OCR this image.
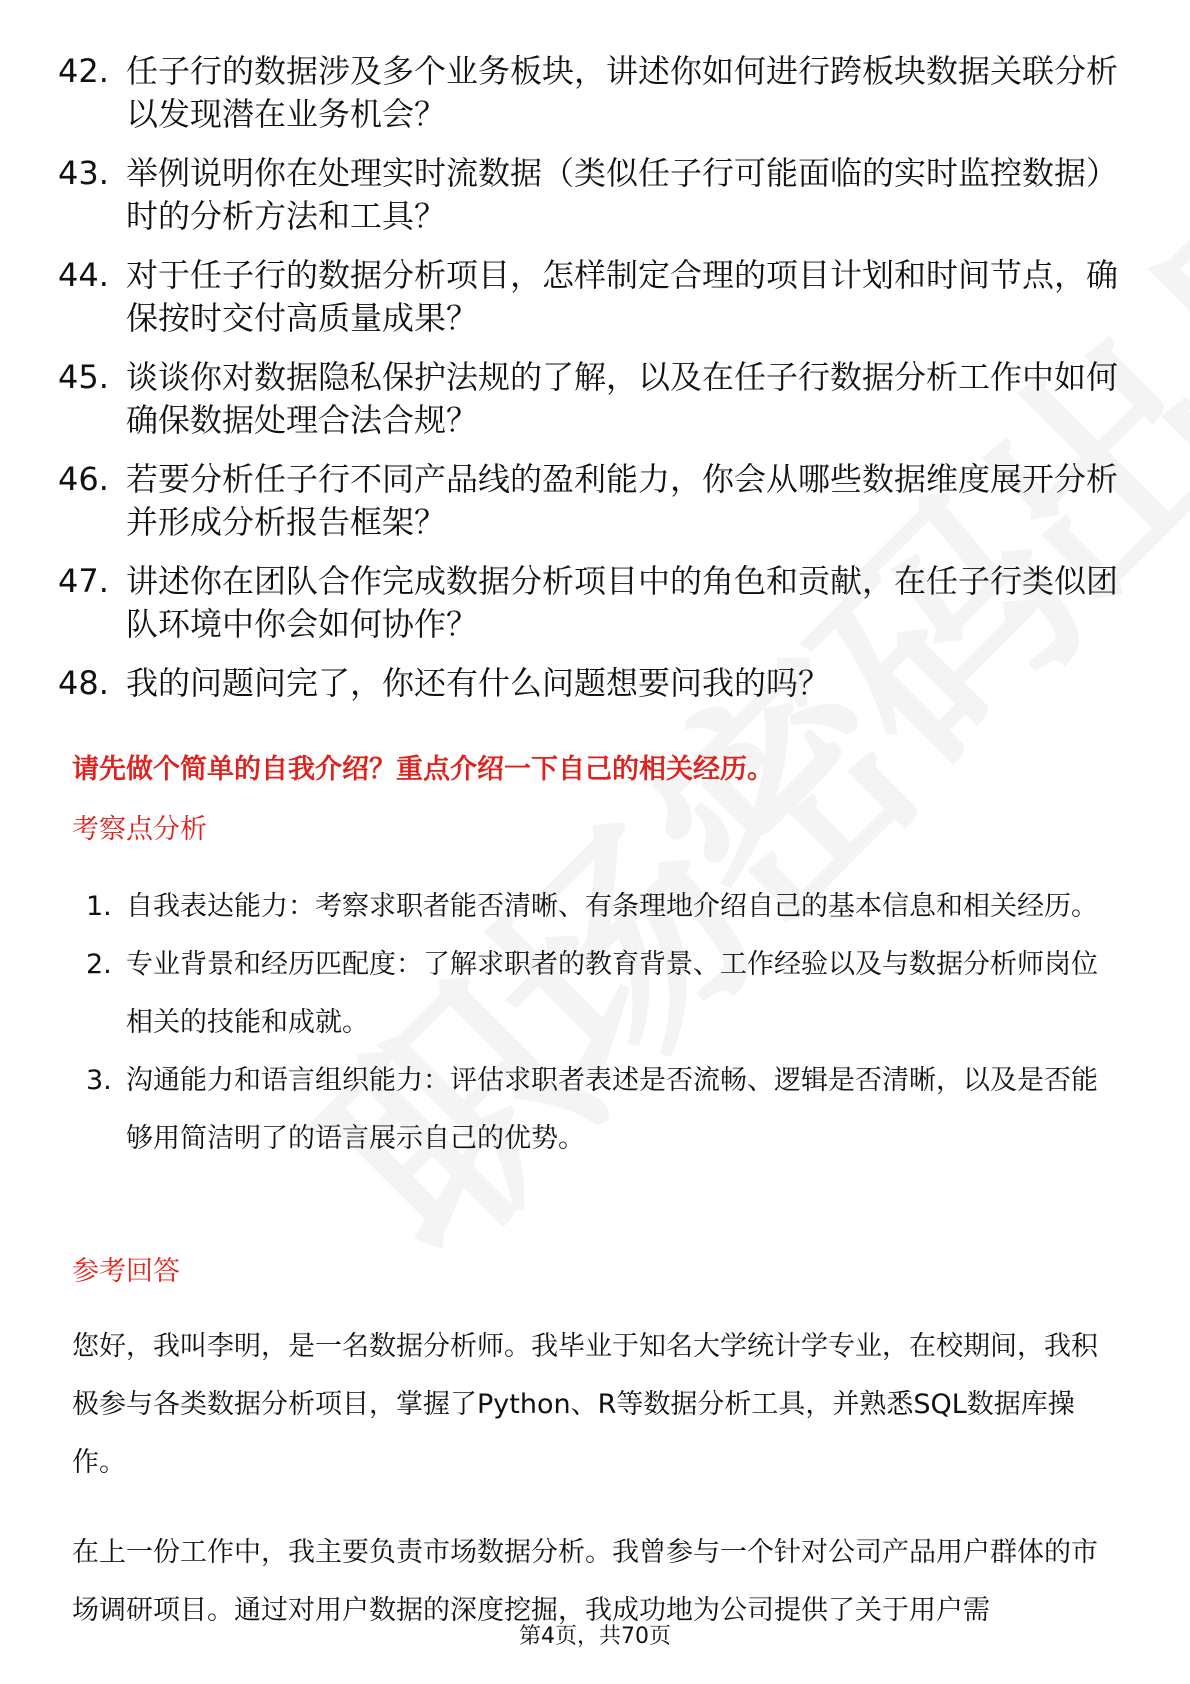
42. 任子行的数据涉及多个业务板块，讲述你如何进行跨板块数据关联分析以发现潜在业务机会？
43. 举例说明你在处理实时流数据（类似任子行可能面临的实时监控数据）时的分析方法和工具？
44. 对于任子行的数据分析项目，怎样制定合理的项目计划和时间节点，确保按时交付高质量成果？
45. 谈谈你对数据隐私保护法规的了解，以及在任子行数据分析工作中如何确保数据处理合法合规？
46. 若要分析任子行不同产品线的盈利能力，你会从哪些数据维度展开分析并形成分析报告框架？
47. 讲述你在团队合作完成数据分析项目中的角色和贡献，在任子行类似团队环境中你会如何协作？
48. 我的问题问完了，你还有什么问题想要问我的吗？
请先做个简单的自我介绍？重点介绍一下自己的相关经历。
考察点分析
1. 自我表达能力：考察求职者能否清晰、有条理地介绍自己的基本信息和相关经历。
2. 专业背景和经历匹配度：了解求职者的教育背景、工作经验以及与数据分析师岗位相关的技能和成就。
3. 沟通能力和语言组织能力：评估求职者表述是否流畅、逻辑是否清晰，以及是否能够用简洁明了的语言展示自己的优势。
参考回答

您好，我叫李明，是一名数据分析师。我毕业于知名大学统计学专业，在校期间，我积极参与各类数据分析项目，掌握了Python、R等数据分析工具，并熟悉SQL数据库操作。

在上一份工作中，我主要负责市场数据分析。我曾参与一个针对公司产品用户群体的市场调研项目。通过对用户数据的深度挖掘，我成功地为公司提供了关于用户需

第4页，共70页
